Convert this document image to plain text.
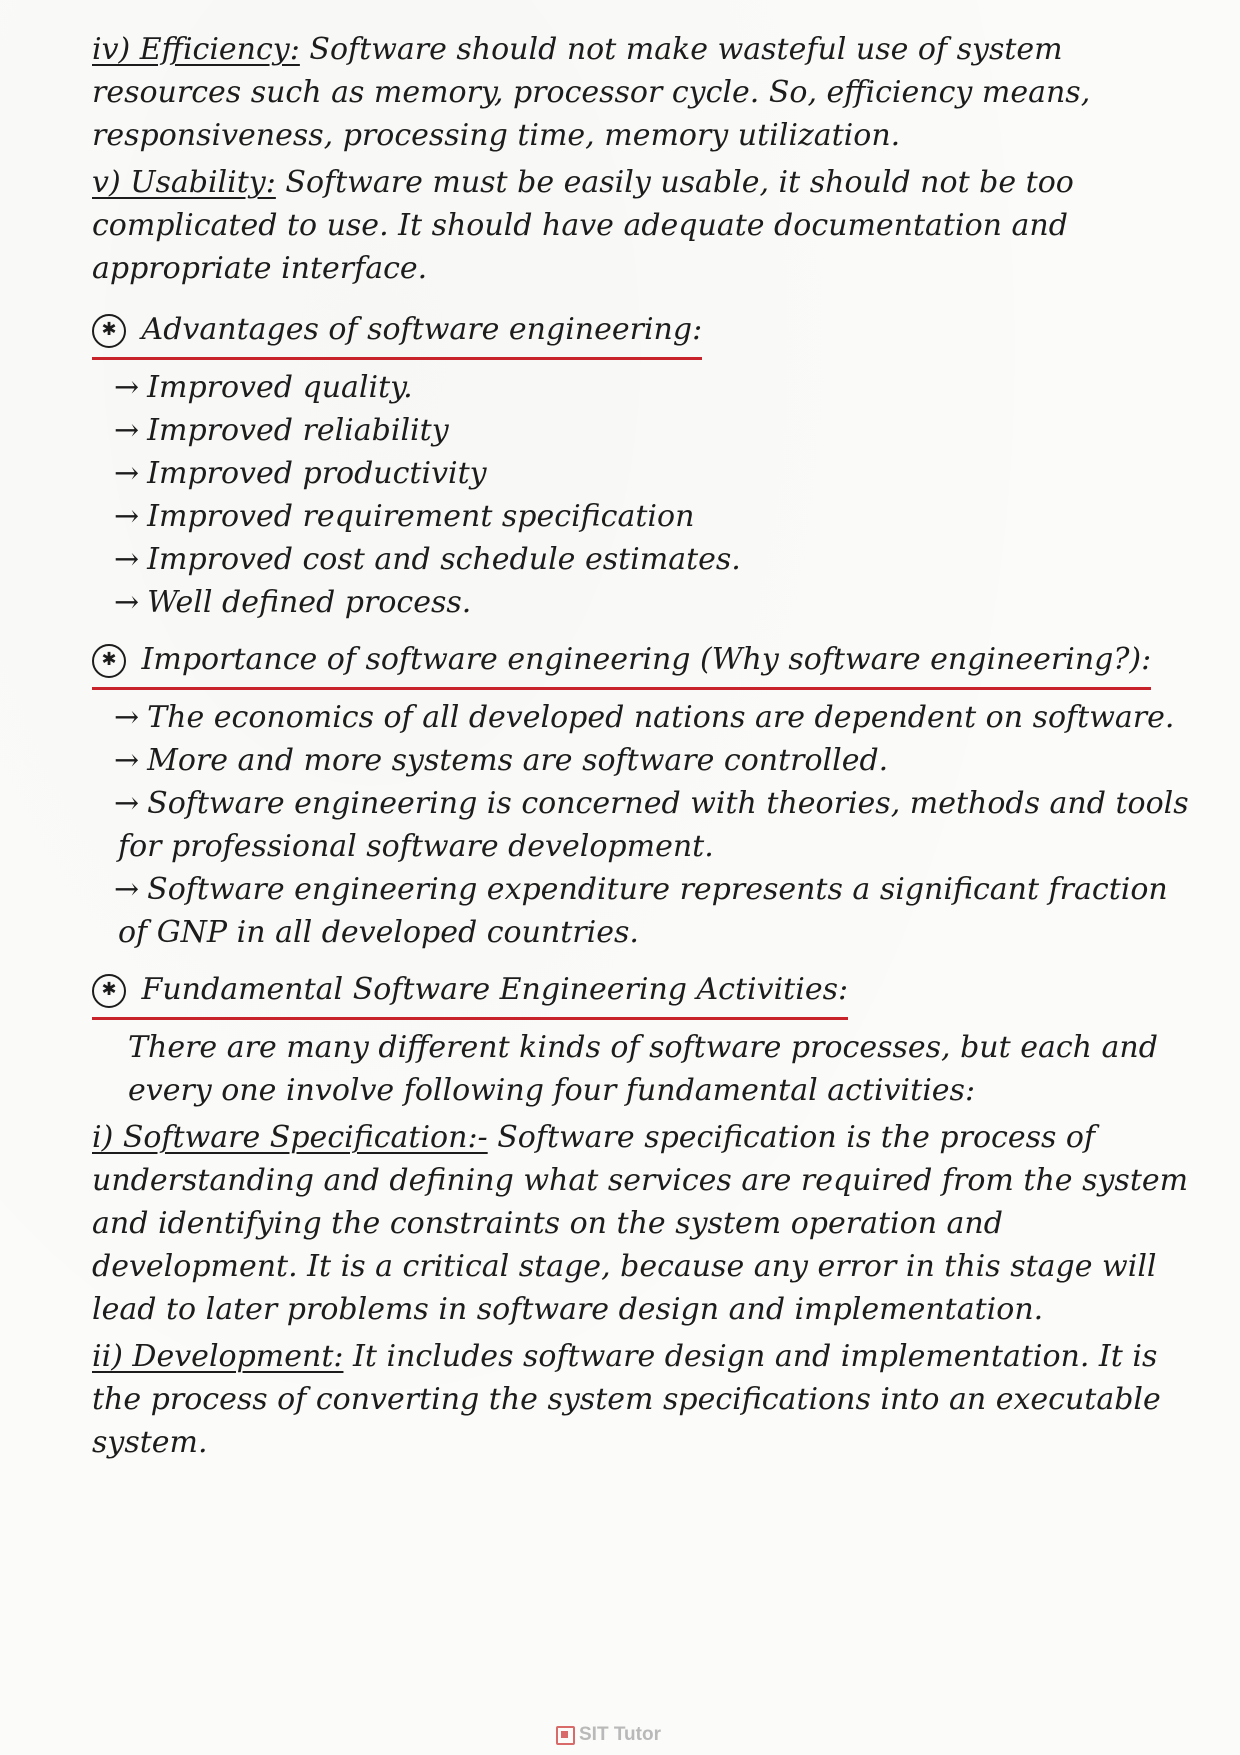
iv) Efficiency: Software should not make wasteful use of system resources such as memory, processor cycle. So, efficiency means, responsiveness, processing time, memory utilization.

v) Usability: Software must be easily usable, it should not be too complicated to use. It should have adequate documentation and appropriate interface.

✱ Advantages of software engineering:
→ Improved quality.
→ Improved reliability
→ Improved productivity
→ Improved requirement specification
→ Improved cost and schedule estimates.
→ Well defined process.
✱ Importance of software engineering (Why software engineering?):
→ The economics of all developed nations are dependent on software.
→ More and more systems are software controlled.
→ Software engineering is concerned with theories, methods and tools for professional software development.
→ Software engineering expenditure represents a significant fraction of GNP in all developed countries.
✱ Fundamental Software Engineering Activities:

There are many different kinds of software processes, but each and every one involve following four fundamental activities:

i) Software Specification:- Software specification is the process of understanding and defining what services are required from the system and identifying the constraints on the system operation and development. It is a critical stage, because any error in this stage will lead to later problems in software design and implementation.

ii) Development: It includes software design and implementation. It is the process of converting the system specifications into an executable system.

SIT Tutor
